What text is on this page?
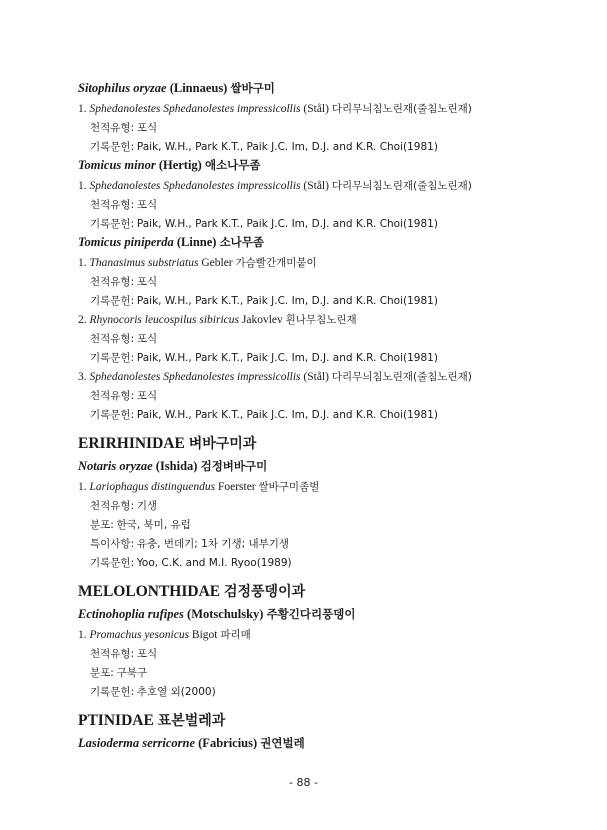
Sitophilus oryzae (Linnaeus) 쌀바구미
1. Sphedanolestes Sphedanolestes impressicollis (Stål) 다리무늬침노린재(줄침노린재)
천적유형: 포식
기록문헌: Paik, W.H., Park K.T., Paik J.C. Im, D.J. and K.R. Choi(1981)
Tomicus minor (Hertig) 애소나무좀
1. Sphedanolestes Sphedanolestes impressicollis (Stål) 다리무늬침노린재(줄침노린재)
천적유형: 포식
기록문헌: Paik, W.H., Park K.T., Paik J.C. Im, D.J. and K.R. Choi(1981)
Tomicus piniperda (Linne) 소나무좀
1. Thanasimus substriatus Gebler 가슴빨간개미붙이
천적유형: 포식
기록문헌: Paik, W.H., Park K.T., Paik J.C. Im, D.J. and K.R. Choi(1981)
2. Rhynocoris leucospilus sibiricus Jakovlev 흰나무침노린재
천적유형: 포식
기록문헌: Paik, W.H., Park K.T., Paik J.C. Im, D.J. and K.R. Choi(1981)
3. Sphedanolestes Sphedanolestes impressicollis (Stål) 다리무늬침노린재(줄침노린재)
천적유형: 포식
기록문헌: Paik, W.H., Park K.T., Paik J.C. Im, D.J. and K.R. Choi(1981)
ERIRHINIDAE 벼바구미과
Notaris oryzae (Ishida) 검정벼바구미
1. Lariophagus distinguendus Foerster 쌀바구미좀벌
천적유형: 기생
분포: 한국, 북미, 유럽
특이사항: 유충, 번데기; 1차 기생; 내부기생
기록문헌: Yoo, C.K. and M.I. Ryoo(1989)
MELOLONTHIDAE 검정풍뎅이과
Ectinohoplia rufipes (Motschulsky) 주황긴다리풍뎅이
1. Promachus yesonicus Bigot 파리매
천적유형: 포식
분포: 구북구
기록문헌: 추호열 외(2000)
PTINIDAE 표본벌레과
Lasioderma serricorne (Fabricius) 권연벌레
- 88 -
